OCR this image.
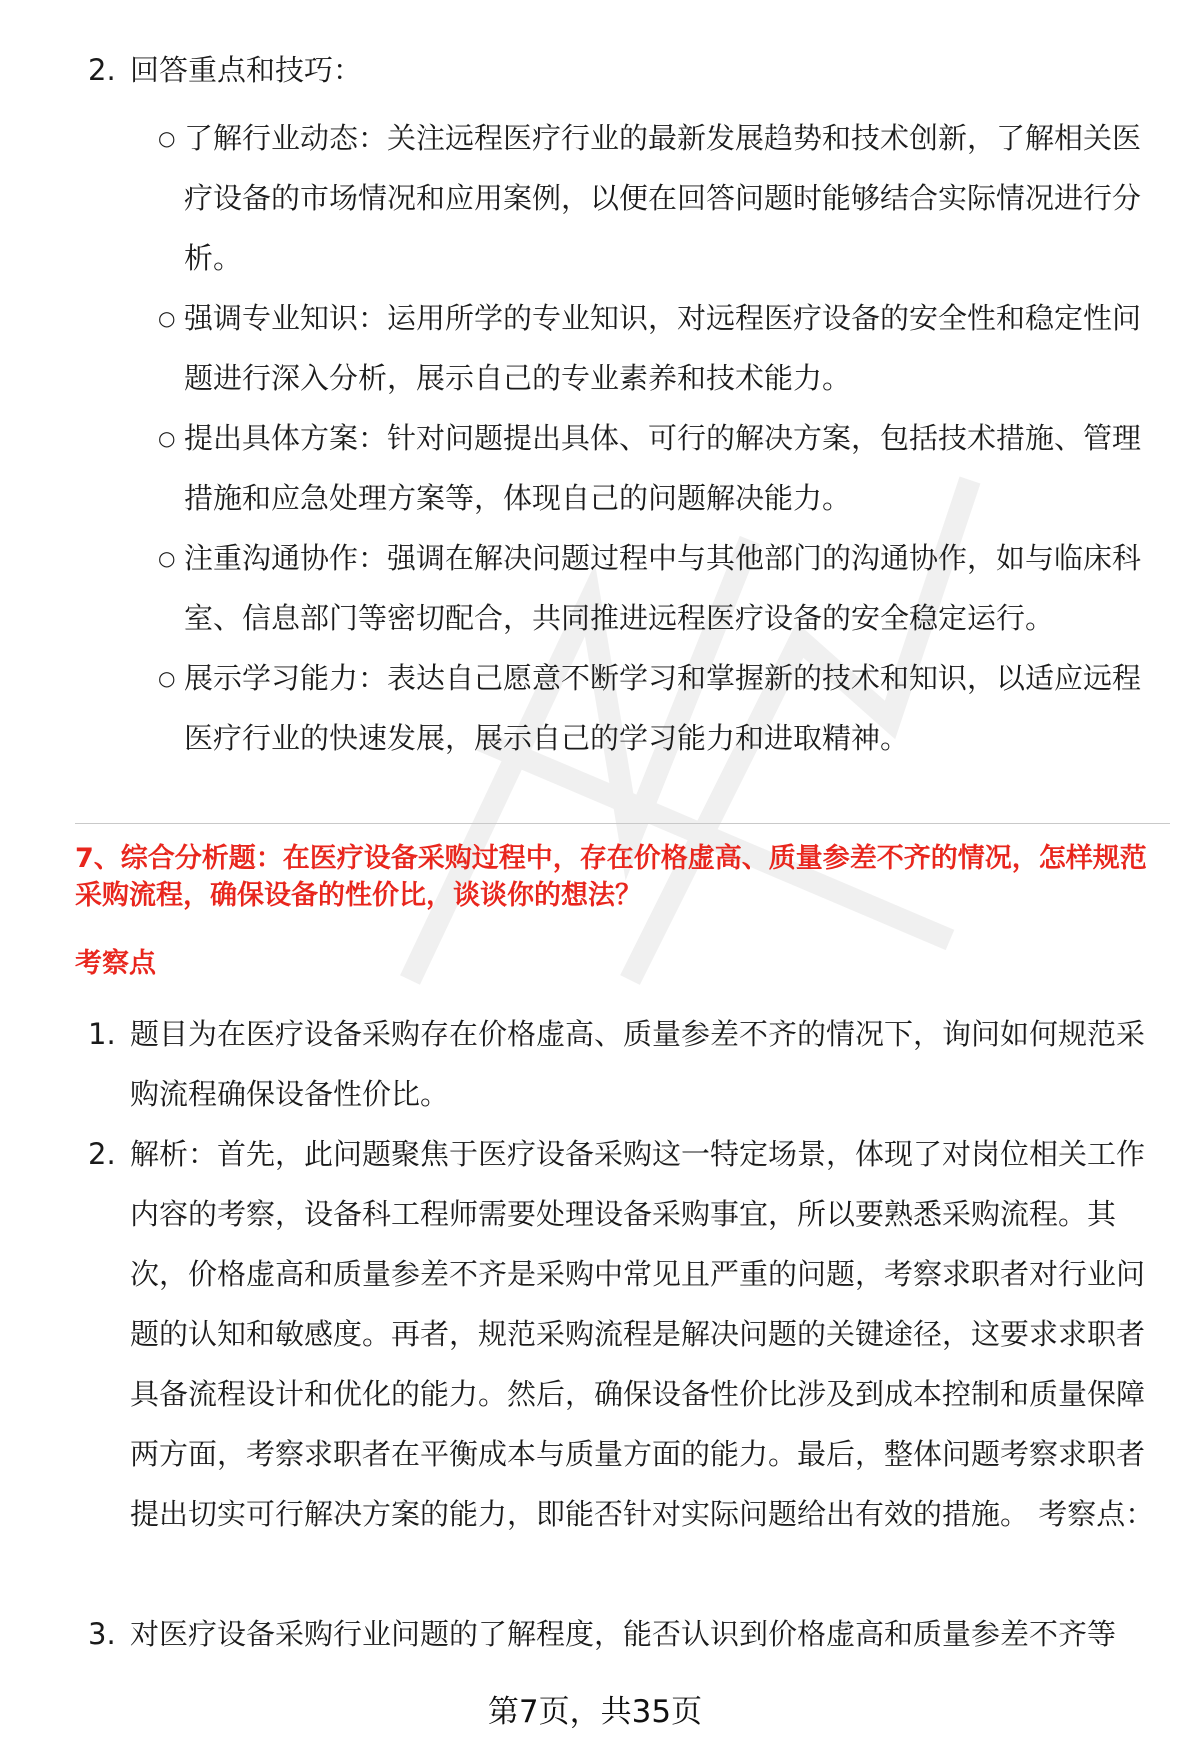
2. 回答重点和技巧：
○ 了解行业动态：关注远程医疗行业的最新发展趋势和技术创新，了解相关医疗设备的市场情况和应用案例，以便在回答问题时能够结合实际情况进行分析。
○ 强调专业知识：运用所学的专业知识，对远程医疗设备的安全性和稳定性问题进行深入分析，展示自己的专业素养和技术能力。
○ 提出具体方案：针对问题提出具体、可行的解决方案，包括技术措施、管理措施和应急处理方案等，体现自己的问题解决能力。
○ 注重沟通协作：强调在解决问题过程中与其他部门的沟通协作，如与临床科室、信息部门等密切配合，共同推进远程医疗设备的安全稳定运行。
○ 展示学习能力：表达自己愿意不断学习和掌握新的技术和知识，以适应远程医疗行业的快速发展，展示自己的学习能力和进取精神。
7、综合分析题：在医疗设备采购过程中，存在价格虚高、质量参差不齐的情况，怎样规范采购流程，确保设备的性价比，谈谈你的想法？
考察点
1. 题目为在医疗设备采购存在价格虚高、质量参差不齐的情况下，询问如何规范采购流程确保设备性价比。
2. 解析：首先，此问题聚焦于医疗设备采购这一特定场景，体现了对岗位相关工作内容的考察，设备科工程师需要处理设备采购事宜，所以要熟悉采购流程。其次，价格虚高和质量参差不齐是采购中常见且严重的问题，考察求职者对行业问题的认知和敏感度。再者，规范采购流程是解决问题的关键途径，这要求求职者具备流程设计和优化的能力。然后，确保设备性价比涉及到成本控制和质量保障两方面，考察求职者在平衡成本与质量方面的能力。最后，整体问题考察求职者提出切实可行解决方案的能力，即能否针对实际问题给出有效的措施。 考察点：
3. 对医疗设备采购行业问题的了解程度，能否认识到价格虚高和质量参差不齐等
第7页，共35页
